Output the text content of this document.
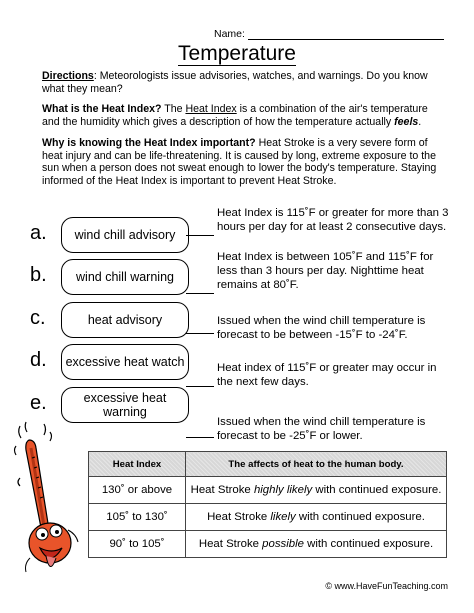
Name:
Temperature
Directions: Meteorologists issue advisories, watches, and warnings. Do you know what they mean?
What is the Heat Index? The Heat Index is a combination of the air's temperature and the humidity which gives a description of how the temperature actually feels.
Why is knowing the Heat Index important? Heat Stroke is a very severe form of heat injury and can be life-threatening. It is caused by long, extreme exposure to the sun when a person does not sweat enough to lower the body's temperature. Staying informed of the Heat Index is important to prevent Heat Stroke.
a.	wind chill advisory
b.	wind chill warning
c.	heat advisory
d.	excessive heat watch
e.	excessive heat warning
Heat Index is 115˚F or greater for more than 3 hours per day for at least 2 consecutive days.
Heat Index is between 105˚F and 115˚F for less than 3 hours per day. Nighttime heat remains at 80˚F.
Issued when the wind chill temperature is forecast to be between -15˚F to -24˚F.
Heat index of 115˚F or greater may occur in the next few days.
Issued when the wind chill temperature is forecast to be -25˚F or lower.
Heat Index	The affects of heat to the human body.
130˚ or above	Heat Stroke highly likely with continued exposure.
105˚ to 130˚	Heat Stroke likely with continued exposure.
90˚ to 105˚	Heat Stroke possible with continued exposure.
© www.HaveFunTeaching.com
